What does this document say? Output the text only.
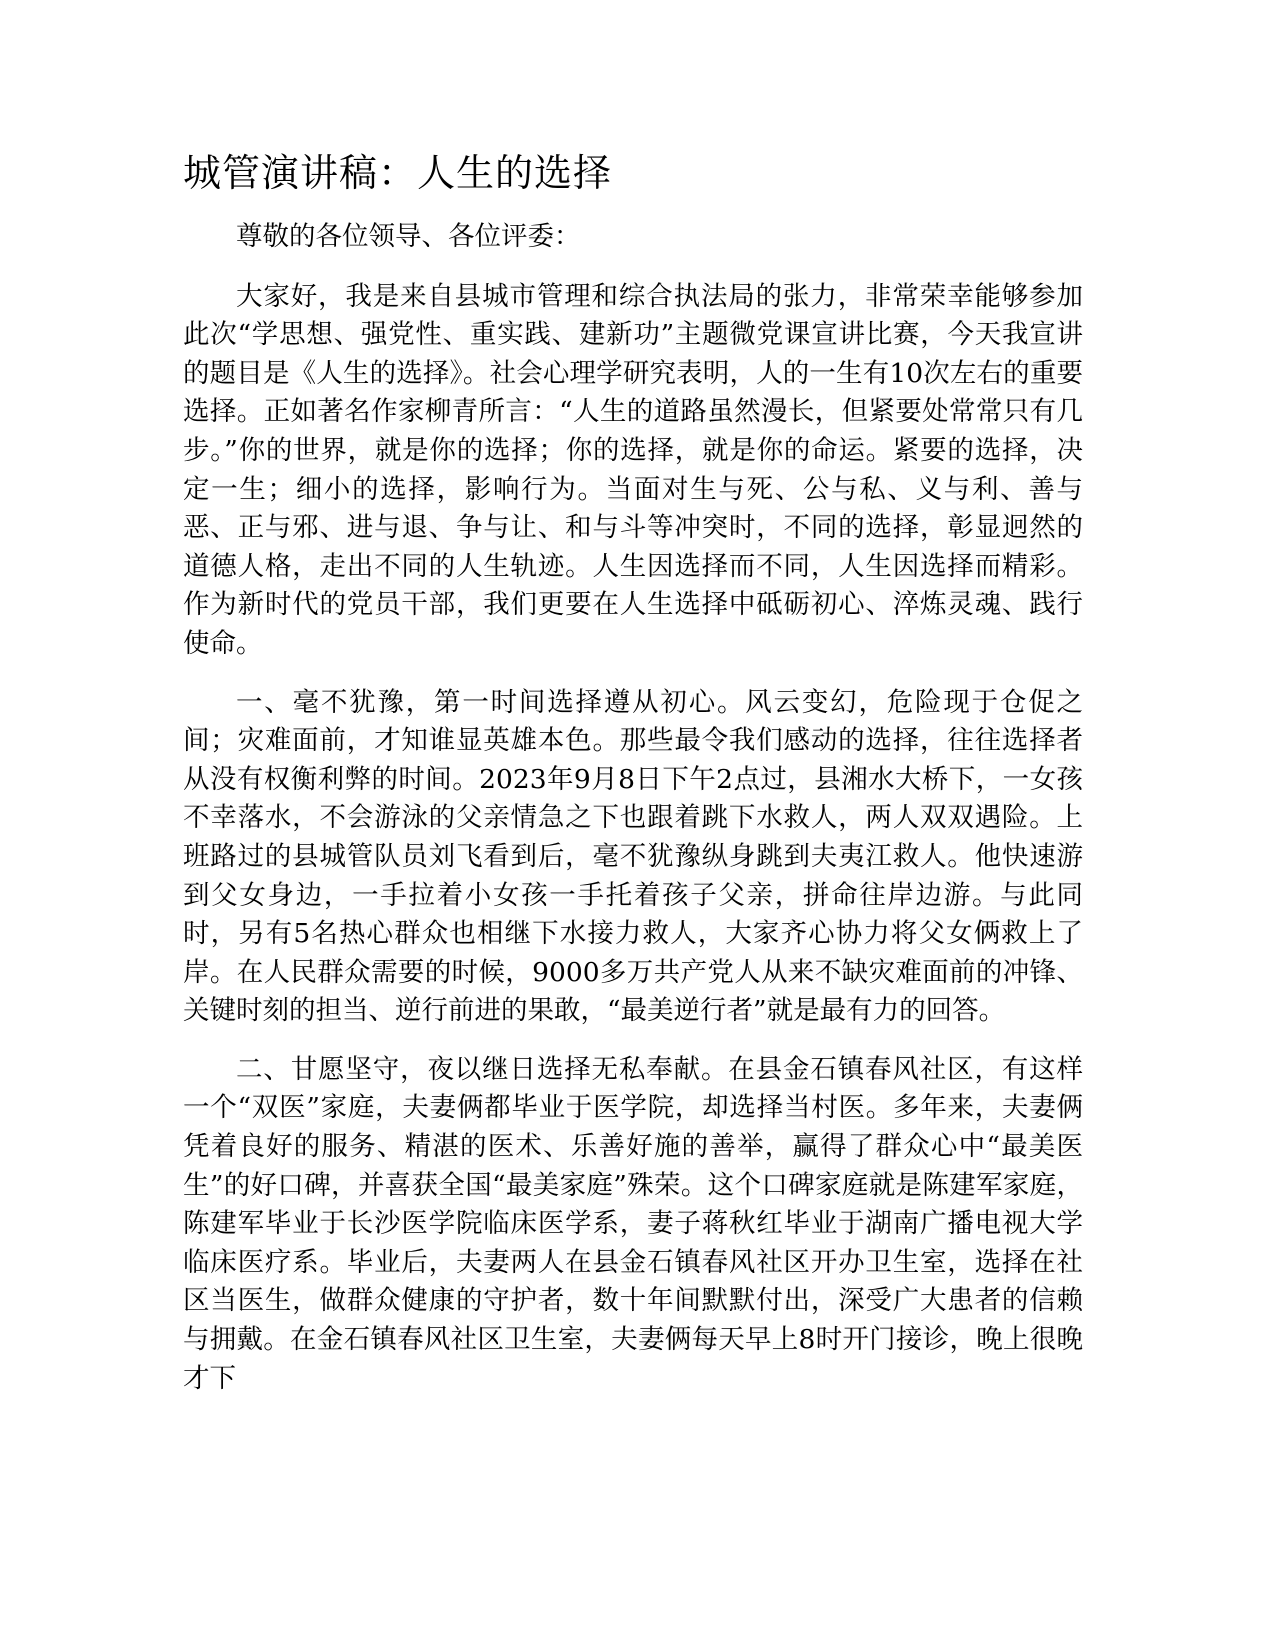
城管演讲稿：人生的选择

尊敬的各位领导、各位评委：

大家好，我是来自县城市管理和综合执法局的张力，非常荣幸能够参加此次“学思想、强党性、重实践、建新功”主题微党课宣讲比赛，今天我宣讲的题目是《人生的选择》。社会心理学研究表明，人的一生有10次左右的重要选择。正如著名作家柳青所言：“人生的道路虽然漫长，但紧要处常常只有几步。”你的世界，就是你的选择；你的选择，就是你的命运。紧要的选择，决定一生；细小的选择，影响行为。当面对生与死、公与私、义与利、善与恶、正与邪、进与退、争与让、和与斗等冲突时，不同的选择，彰显迥然的道德人格，走出不同的人生轨迹。人生因选择而不同，人生因选择而精彩。作为新时代的党员干部，我们更要在人生选择中砥砺初心、淬炼灵魂、践行使命。

一、毫不犹豫，第一时间选择遵从初心。风云变幻，危险现于仓促之间；灾难面前，才知谁显英雄本色。那些最令我们感动的选择，往往选择者从没有权衡利弊的时间。2023年9月8日下午2点过，县湘水大桥下，一女孩不幸落水，不会游泳的父亲情急之下也跟着跳下水救人，两人双双遇险。上班路过的县城管队员刘飞看到后，毫不犹豫纵身跳到夫夷江救人。他快速游到父女身边，一手拉着小女孩一手托着孩子父亲，拼命往岸边游。与此同时，另有5名热心群众也相继下水接力救人，大家齐心协力将父女俩救上了岸。在人民群众需要的时候，9000多万共产党人从来不缺灾难面前的冲锋、关键时刻的担当、逆行前进的果敢，“最美逆行者”就是最有力的回答。

二、甘愿坚守，夜以继日选择无私奉献。在县金石镇春风社区，有这样一个“双医”家庭，夫妻俩都毕业于医学院，却选择当村医。多年来，夫妻俩凭着良好的服务、精湛的医术、乐善好施的善举，赢得了群众心中“最美医生”的好口碑，并喜获全国“最美家庭”殊荣。这个口碑家庭就是陈建军家庭，陈建军毕业于长沙医学院临床医学系，妻子蒋秋红毕业于湖南广播电视大学临床医疗系。毕业后，夫妻两人在县金石镇春风社区开办卫生室，选择在社区当医生，做群众健康的守护者，数十年间默默付出，深受广大患者的信赖与拥戴。在金石镇春风社区卫生室，夫妻俩每天早上8时开门接诊，晚上很晚才下
